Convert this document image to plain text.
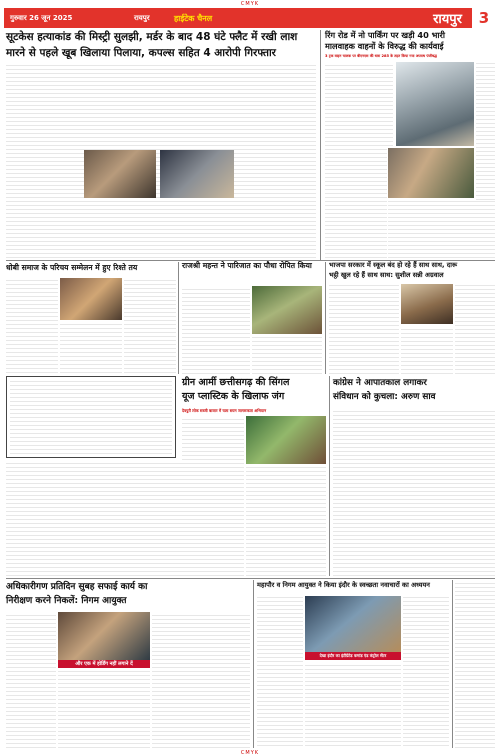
CMYK
गुरुवार 26 जून 2025	रायपुर	हाईटेक चैनल	रायपुर	3
सूटकेस हत्याकांड की मिस्ट्री सुलझी, मर्डर के बाद 48 घंटे फ्लैट में रखी लाश
मारने से पहले खूब खिलाया पिलाया, कपल्स सहित 4 आरोपी गिरफ्तार
रिंग रोड में नो पार्किंग पर खड़ी 40 भारी
मालवाहक वाहनों के विरुद्ध की कार्यवाई
3 ट्रक वाहन चालक पर बीएनएस की धारा 285 के तहत किया गया अपराध पंजीबद्ध
धोबी समाज के परिचय सम्मेलन में हुए रिश्ते तय	राजश्री महन्त ने पारिजात का पौधा रोपित किया	भाजपा सरकार में स्कूल बंद हो रहे हैं साथ साथ, दारू
भट्ठी खुल रहे हैं साथ साथ: सुशील सन्नी अग्रवाल
ग्रीन आर्मी छत्तीसगढ़ की सिंगल
यूज प्लास्टिक के खिलाफ जंग
देवपुरी लोक सब्जी बाजार में चला सघन जागरूकता अभियान
कांग्रेस ने आपातकाल लगाकर
संविधान को कुचला: अरुण साव
अधिकारीगण प्रतिदिन सुबह सफाई कार्य का
निरीक्षण करने निकलें: निगम आयुक्त
और एक में होर्डिंग नहीं लगाने दें
महापौर व निगम आयुक्त ने किया इंदौर के स्वच्छता नवाचारों का अध्ययन
देखा इंदौर का इंटीग्रेटेड कमांड एंड कंट्रोल सेंटर
CMYK
